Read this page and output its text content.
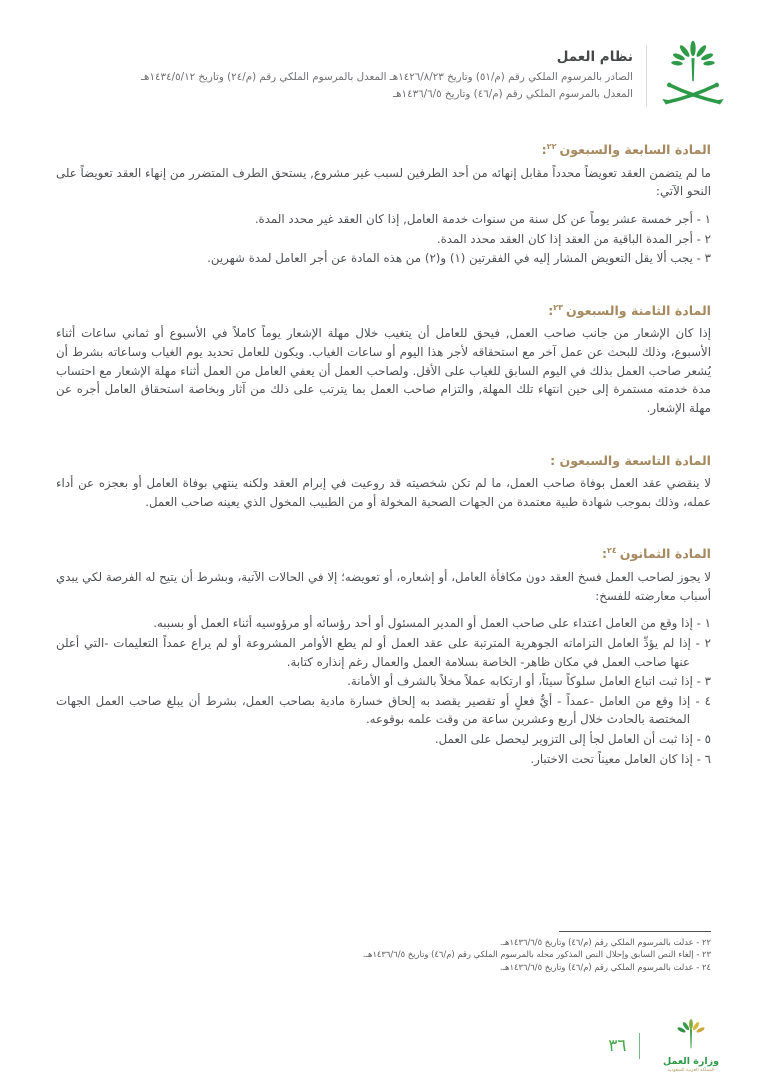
نظام العمل
الصادر بالمرسوم الملكي رقم (م/٥١) وتاريخ ١٤٢٦/٨/٢٣هـ المعدل بالمرسوم الملكي رقم (م/٢٤) وتاريخ ١٤٣٤/٥/١٢هـ
المعدل بالمرسوم الملكي رقم (م/٤٦) وتاريخ ١٤٣٦/٦/٥هـ
المادة السابعة والسبعون$^{٢٢}$:

ما لم يتضمن العقد تعويضاً محدداً مقابل إنهائه من أحد الطرفين لسبب غير مشروع, يستحق الطرف المتضرر من إنهاء العقد تعويضاً على النحو الآتي:

١ - أجر خمسة عشر يوماً عن كل سنة من سنوات خدمة العامل, إذا كان العقد غير محدد المدة.
٢ - أجر المدة الباقية من العقد إذا كان العقد محدد المدة.
٣ - يجب ألا يقل التعويض المشار إليه في الفقرتين (١) و(٢) من هذه المادة عن أجر العامل لمدة شهرين.
المادة الثامنة والسبعون$^{٢٣}$:

إذا كان الإشعار من جانب صاحب العمل, فيحق للعامل أن يتغيب خلال مهلة الإشعار يوماً كاملاً في الأسبوع أو ثماني ساعات أثناء الأسبوع، وذلك للبحث عن عمل آخر مع استحقاقه لأجر هذا اليوم أو ساعات الغياب. ويكون للعامل تحديد يوم الغياب وساعاته بشرط أن يُشعر صاحب العمل بذلك في اليوم السابق للغياب على الأقل. ولصاحب العمل أن يعفي العامل من العمل أثناء مهلة الإشعار مع احتساب مدة خدمته مستمرة إلى حين انتهاء تلك المهلة, والتزام صاحب العمل بما يترتب على ذلك من آثار وبخاصة استحقاق العامل أجره عن مهلة الإشعار.

المادة التاسعة والسبعون :

لا ينقضي عقد العمل بوفاة صاحب العمل، ما لم تكن شخصيته قد روعيت في إبرام العقد ولكنه ينتهي بوفاة العامل أو بعجزه عن أداء عمله، وذلك بموجب شهادة طبية معتمدة من الجهات الصحية المخولة أو من الطبيب المخول الذي يعينه صاحب العمل.

المادة الثمانون$^{٢٤}$:

لا يجوز لصاحب العمل فسخ العقد دون مكافأة العامل، أو إشعاره، أو تعويضه؛ إلا في الحالات الآتية، وبشرط أن يتيح له الفرصة لكي يبدي أسباب معارضته للفسخ:

١ - إذا وقع من العامل اعتداء على صاحب العمل أو المدير المسئول أو أحد رؤسائه أو مرؤوسيه أثناء العمل أو بسببه.
٢ - إذا لم يؤدِّ العامل التزاماته الجوهرية المترتبة على عقد العمل أو لم يطع الأوامر المشروعة أو لم يراع عمداً التعليمات -التي أعلن عنها صاحب العمل في مكان ظاهر- الخاصة بسلامة العمل والعمال رغم إنذاره كتابة.
٣ - إذا ثبت اتباع العامل سلوكاً سيئاً، أو ارتكابه عملاً مخلاً بالشرف أو الأمانة.
٤ - إذا وقع من العامل -عمداً - أيُّ فعلٍ أو تقصير يقصد به إلحاق خسارة مادية بصاحب العمل، بشرط أن يبلغ صاحب العمل الجهات المختصة بالحادث خلال أربع وعشرين ساعة من وقت علمه بوقوعه.
٥ - إذا ثبت أن العامل لجأ إلى التزوير ليحصل على العمل.
٦ - إذا كان العامل معيناً تحت الاختبار.
٢٢ - عدلت بالمرسوم الملكي رقم (م/٤٦) وتاريخ ١٤٣٦/٦/٥هـ.
٢٣ - إلغاء النص السابق وإحلال النص المذكور محله بالمرسوم الملكي رقم (م/٤٦) وتاريخ ١٤٣٦/٦/٥هـ.
٢٤ - عدلت بالمرسوم الملكي رقم (م/٤٦) وتاريخ ١٤٣٦/٦/٥هـ.
وزارة العمل
المملكة العربية السعودية
٣٦
